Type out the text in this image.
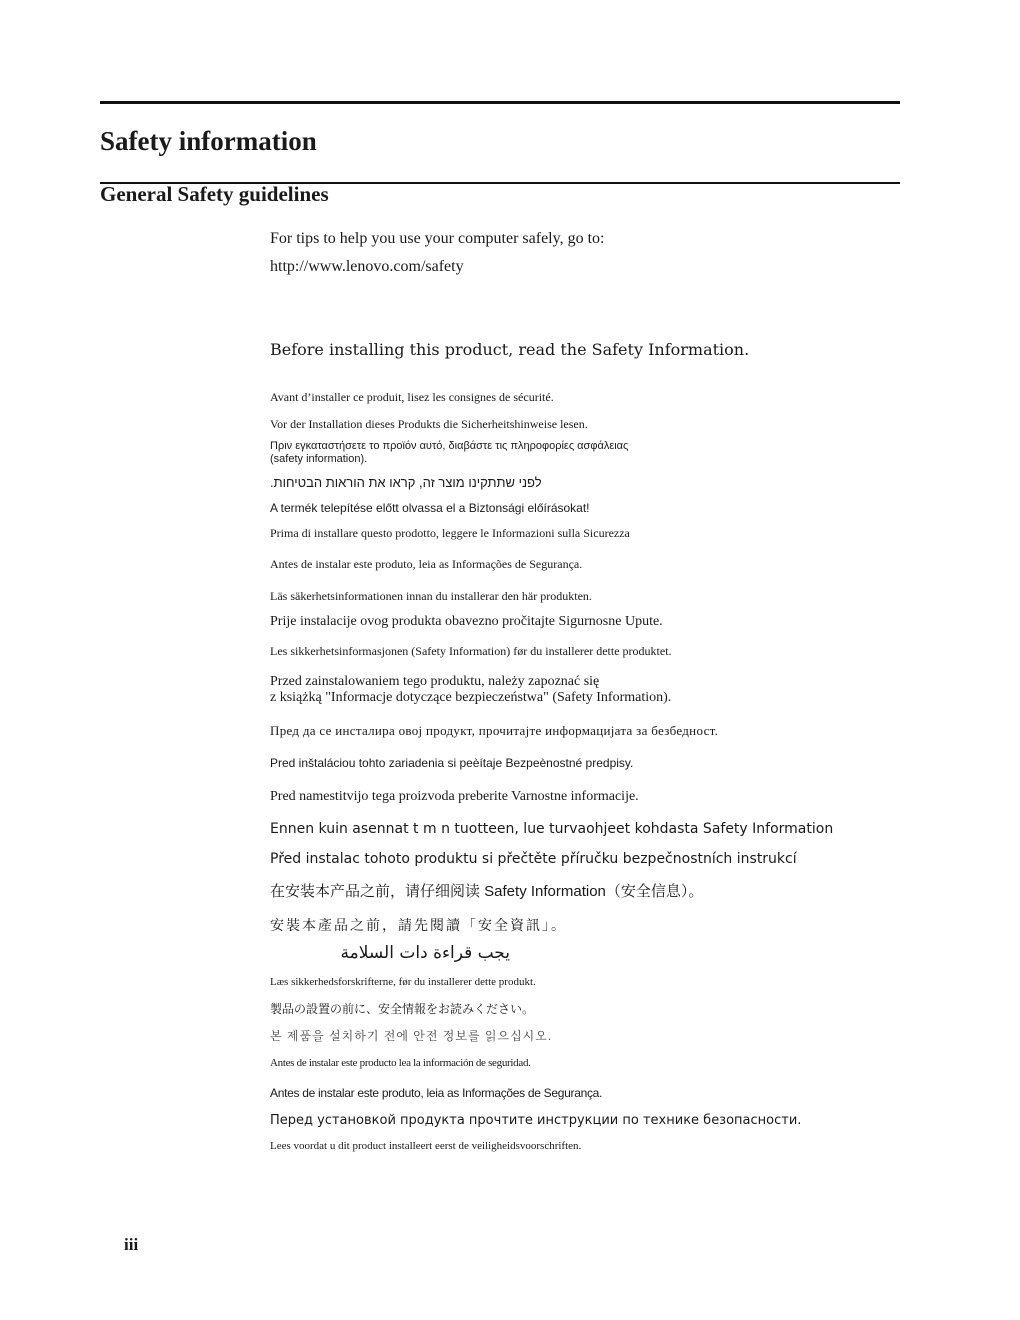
Safety information
General Safety guidelines

For tips to help you use your computer safely, go to:

http://www.lenovo.com/safety

Before installing this product, read the Safety Information.

Avant d’installer ce produit, lisez les consignes de sécurité.

Vor der Installation dieses Produkts die Sicherheitshinweise lesen.

Πριν εγκαταστήσετε το προϊόν αυτό, διαβάστε τις πληροφορίες ασφάλειας
(safety information).

לפני שתתקינו מוצר זה, קראו את הוראות הבטיחות.

A termék telepítése előtt olvassa el a Biztonsági előírásokat!

Prima di installare questo prodotto, leggere le Informazioni sulla Sicurezza

Antes de instalar este produto, leia as Informações de Segurança.

Läs säkerhetsinformationen innan du installerar den här produkten.

Prije instalacije ovog produkta obavezno pročitajte Sigurnosne Upute.

Les sikkerhetsinformasjonen (Safety Information) før du installerer dette produktet.

Przed zainstalowaniem tego produktu, należy zapoznać się
z książką "Informacje dotyczące bezpieczeństwa" (Safety Information).

Пред да се инсталира овој продукт, прочитајте информацијата за безбедност.

Pred inštaláciou tohto zariadenia si peèítaje Bezpeènostné predpisy.

Pred namestitvijo tega proizvoda preberite Varnostne informacije.

Ennen kuin asennat t m n tuotteen, lue turvaohjeet kohdasta Safety Information

Před instalac tohoto produktu si přečtěte příručku bezpečnostních instrukcí

在安装本产品之前，请仔细阅读 Safety Information（安全信息）。

安裝本產品之前，請先閱讀「安全資訊」。

يجب قراءة دات السلامة

Læs sikkerhedsforskrifterne, før du installerer dette produkt.

製品の設置の前に、安全情報をお読みください。

본 제품을 설치하기 전에 안전 정보를 읽으십시오.

Antes de instalar este producto lea la información de seguridad.

Antes de instalar este produto, leia as Informações de Segurança.

Перед установкой продукта прочтите инструкции по технике безопасности.

Lees voordat u dit product installeert eerst de veiligheidsvoorschriften.

iii
